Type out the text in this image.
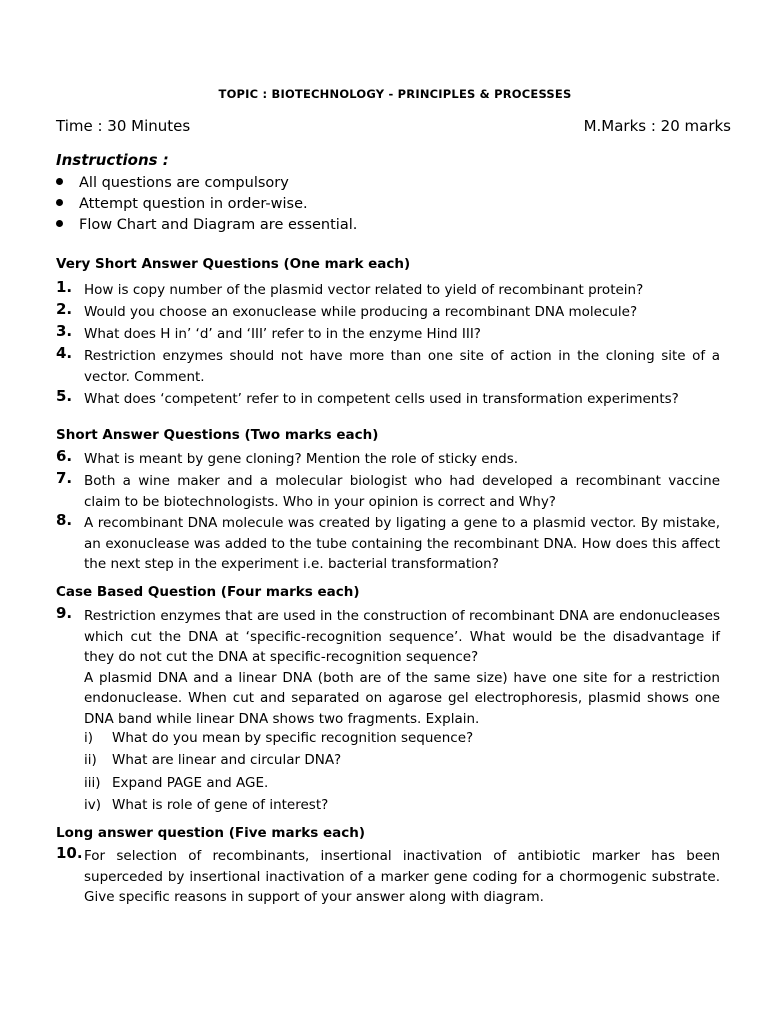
TOPIC : BIOTECHNOLOGY - PRINCIPLES & PROCESSES
Time : 30 Minutes	M.Marks : 20 marks
Instructions :
All questions are compulsory
Attempt question in order-wise.
Flow Chart and Diagram are essential.
Very Short Answer Questions (One mark each)
1. How is copy number of the plasmid vector related to yield of recombinant protein?

2. Would you choose an exonuclease while producing a recombinant DNA molecule?

3. What does H in’ ‘d’ and ‘III’ refer to in the enzyme Hind III?

4. Restriction enzymes should not have more than one site of action in the cloning site of a vector. Comment.

5. What does ‘competent’ refer to in competent cells used in transformation experiments?

Short Answer Questions (Two marks each)
6. What is meant by gene cloning? Mention the role of sticky ends.

7. Both a wine maker and a molecular biologist who had developed a recombinant vaccine claim to be biotechnologists. Who in your opinion is correct and Why?

8. A recombinant DNA molecule was created by ligating a gene to a plasmid vector. By mistake, an exonuclease was added to the tube containing the recombinant DNA. How does this affect the next step in the experiment i.e. bacterial transformation?

Case Based Question (Four marks each)
9. Restriction enzymes that are used in the construction of recombinant DNA are endonucleases which cut the DNA at ‘specific-recognition sequence’. What would be the disadvantage if they do not cut the DNA at specific-recognition sequence?

A plasmid DNA and a linear DNA (both are of the same size) have one site for a restriction endonuclease. When cut and separated on agarose gel electrophoresis, plasmid shows one DNA band while linear DNA shows two fragments. Explain.

i) What do you mean by specific recognition sequence?
ii) What are linear and circular DNA?
iii) Expand PAGE and AGE.
iv) What is role of gene of interest?
Long answer question (Five marks each)
10. For selection of recombinants, insertional inactivation of antibiotic marker has been superceded by insertional inactivation of a marker gene coding for a chormogenic substrate. Give specific reasons in support of your answer along with diagram.
